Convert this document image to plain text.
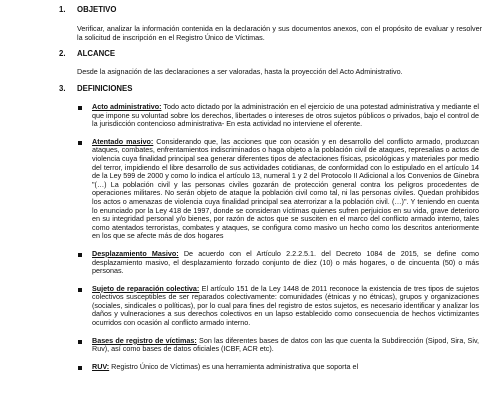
1. OBJETIVO
Verificar, analizar la información contenida en la declaración y sus documentos anexos, con el propósito de evaluar y resolver la solicitud de inscripción en el Registro Único de Víctimas.
2. ALCANCE
Desde la asignación de las declaraciones a ser valoradas, hasta la proyección del Acto Administrativo.
3. DEFINICIONES

Acto administrativo: Todo acto dictado por la administración en el ejercicio de una potestad administrativa y mediante el que impone su voluntad sobre los derechos, libertades o intereses de otros sujetos públicos o privados, bajo el control de la jurisdicción contencioso administrativa- En esta actividad no interviene el oferente.

Atentado masivo: Considerando que, las acciones que con ocasión y en desarrollo del conflicto armado, produzcan ataques, combates, enfrentamientos indiscriminados o haga objeto a la población civil de ataques, represalias o actos de violencia cuya finalidad principal sea generar diferentes tipos de afectaciones físicas, psicológicas y materiales por medio del terror, impidiendo el libre desarrollo de sus actividades cotidianas, de conformidad con lo estipulado en el artículo 14 de la Ley 599 de 2000 y como lo indica el artículo 13, numeral 1 y 2 del Protocolo II Adicional a los Convenios de Ginebra "(…) La población civil y las personas civiles gozarán de protección general contra los peligros procedentes de operaciones militares. No serán objeto de ataque la población civil como tal, ni las personas civiles. Quedan prohibidos los actos o amenazas de violencia cuya finalidad principal sea aterrorizar a la población civil. (…)". Y teniendo en cuenta lo enunciado por la Ley 418 de 1997, donde se consideran víctimas quienes sufren perjuicios en su vida, grave deterioro en su integridad personal y/o bienes, por razón de actos que se susciten en el marco del conflicto armado interno, tales como atentados terroristas, combates y ataques, se configura como masivo un hecho como los descritos anteriormente en los que se afecte más de dos hogares

Desplazamiento Masivo: De acuerdo con el Artículo 2.2.2.5.1. del Decreto 1084 de 2015, se define como desplazamiento masivo, el desplazamiento forzado conjunto de diez (10) o más hogares, o de cincuenta (50) o más personas.

Sujeto de reparación colectiva: El artículo 151 de la Ley 1448 de 2011 reconoce la existencia de tres tipos de sujetos colectivos susceptibles de ser reparados colectivamente: comunidades (étnicas y no étnicas), grupos y organizaciones (sociales, sindicales o políticas), por lo cual para fines del registro de estos sujetos, es necesario identificar y analizar los daños y vulneraciones a sus derechos colectivos en un lapso establecido como consecuencia de hechos victimizantes ocurridos con ocasión al conflicto armado interno.

Bases de registro de víctimas: Son las diferentes bases de datos con las que cuenta la Subdirección (Sipod, Sira, Siv, Ruv), así como bases de datos oficiales (ICBF, ACR etc).

RUV: Registro Único de Víctimas) es una herramienta administrativa que soporta el
